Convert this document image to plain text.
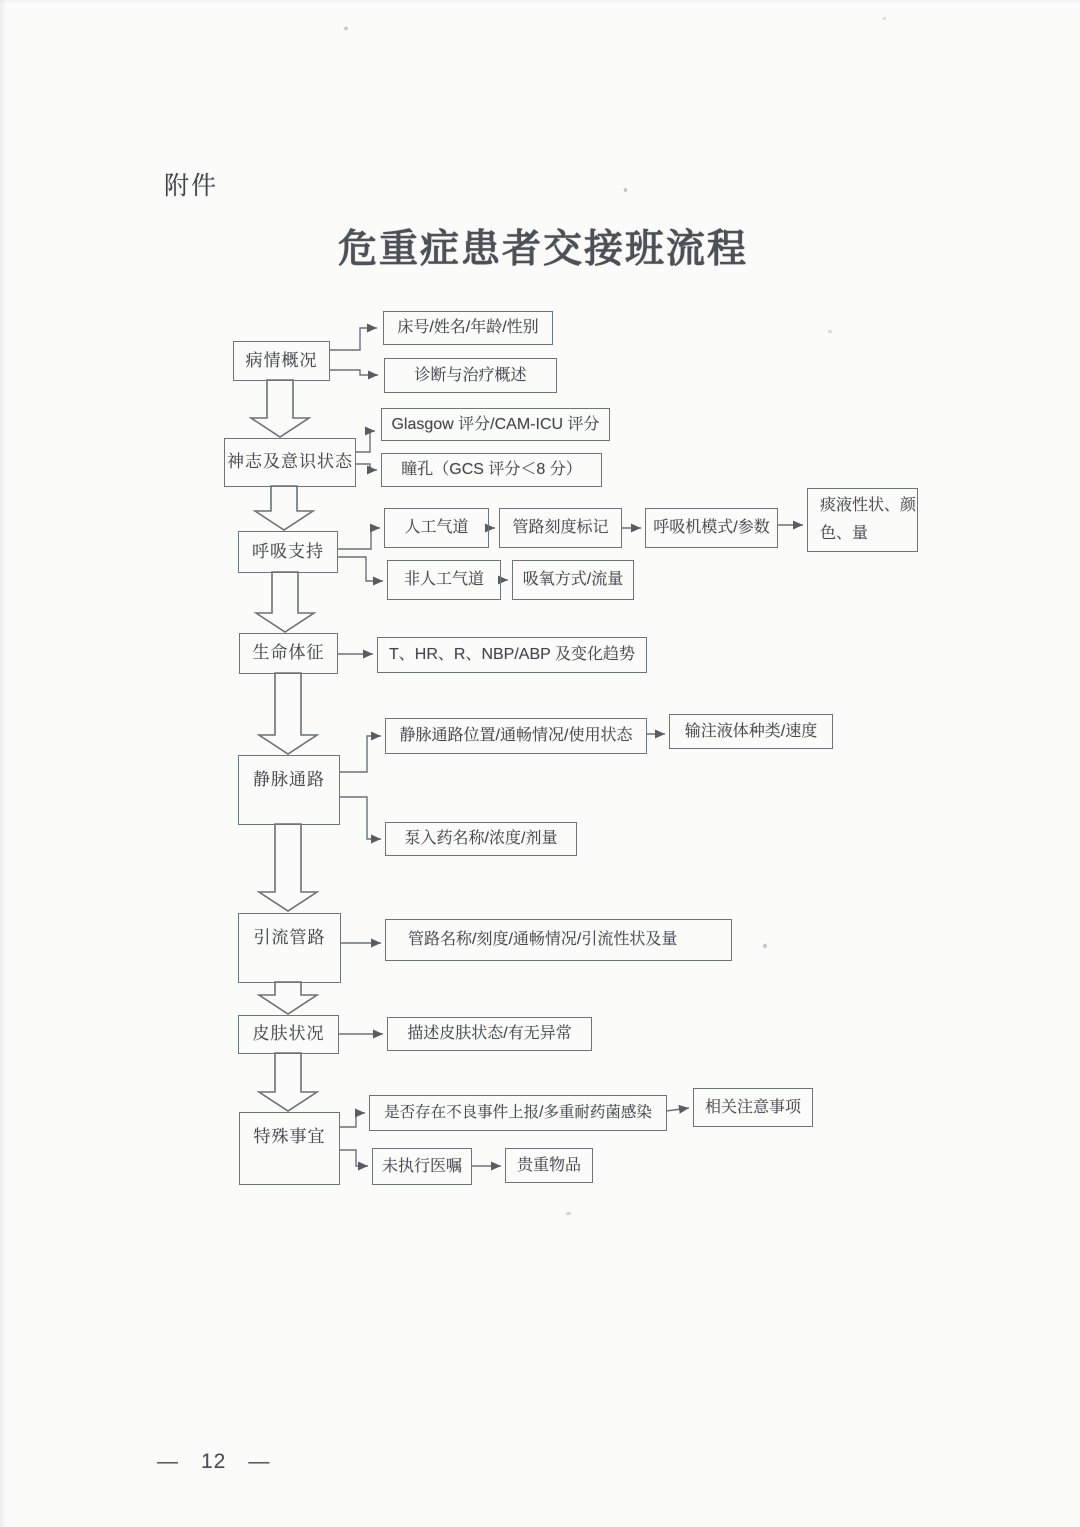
附件
危重症患者交接班流程
病情概况
神志及意识状态
呼吸支持
生命体征
静脉通路
引流管路
皮肤状况
特殊事宜
床号/姓名/年龄/性别
诊断与治疗概述
Glasgow 评分/CAM-ICU 评分
瞳孔（GCS 评分＜8 分）
人工气道	管路刻度标记	呼吸机模式/参数
痰液性状、颜色、量
非人工气道	吸氧方式/流量
T、HR、R、NBP/ABP 及变化趋势
静脉通路位置/通畅情况/使用状态	输注液体种类/速度
泵入药名称/浓度/剂量
管路名称/刻度/通畅情况/引流性状及量
描述皮肤状态/有无异常
是否存在不良事件上报/多重耐药菌感染	相关注意事项
未执行医嘱	贵重物品
— 12 —
